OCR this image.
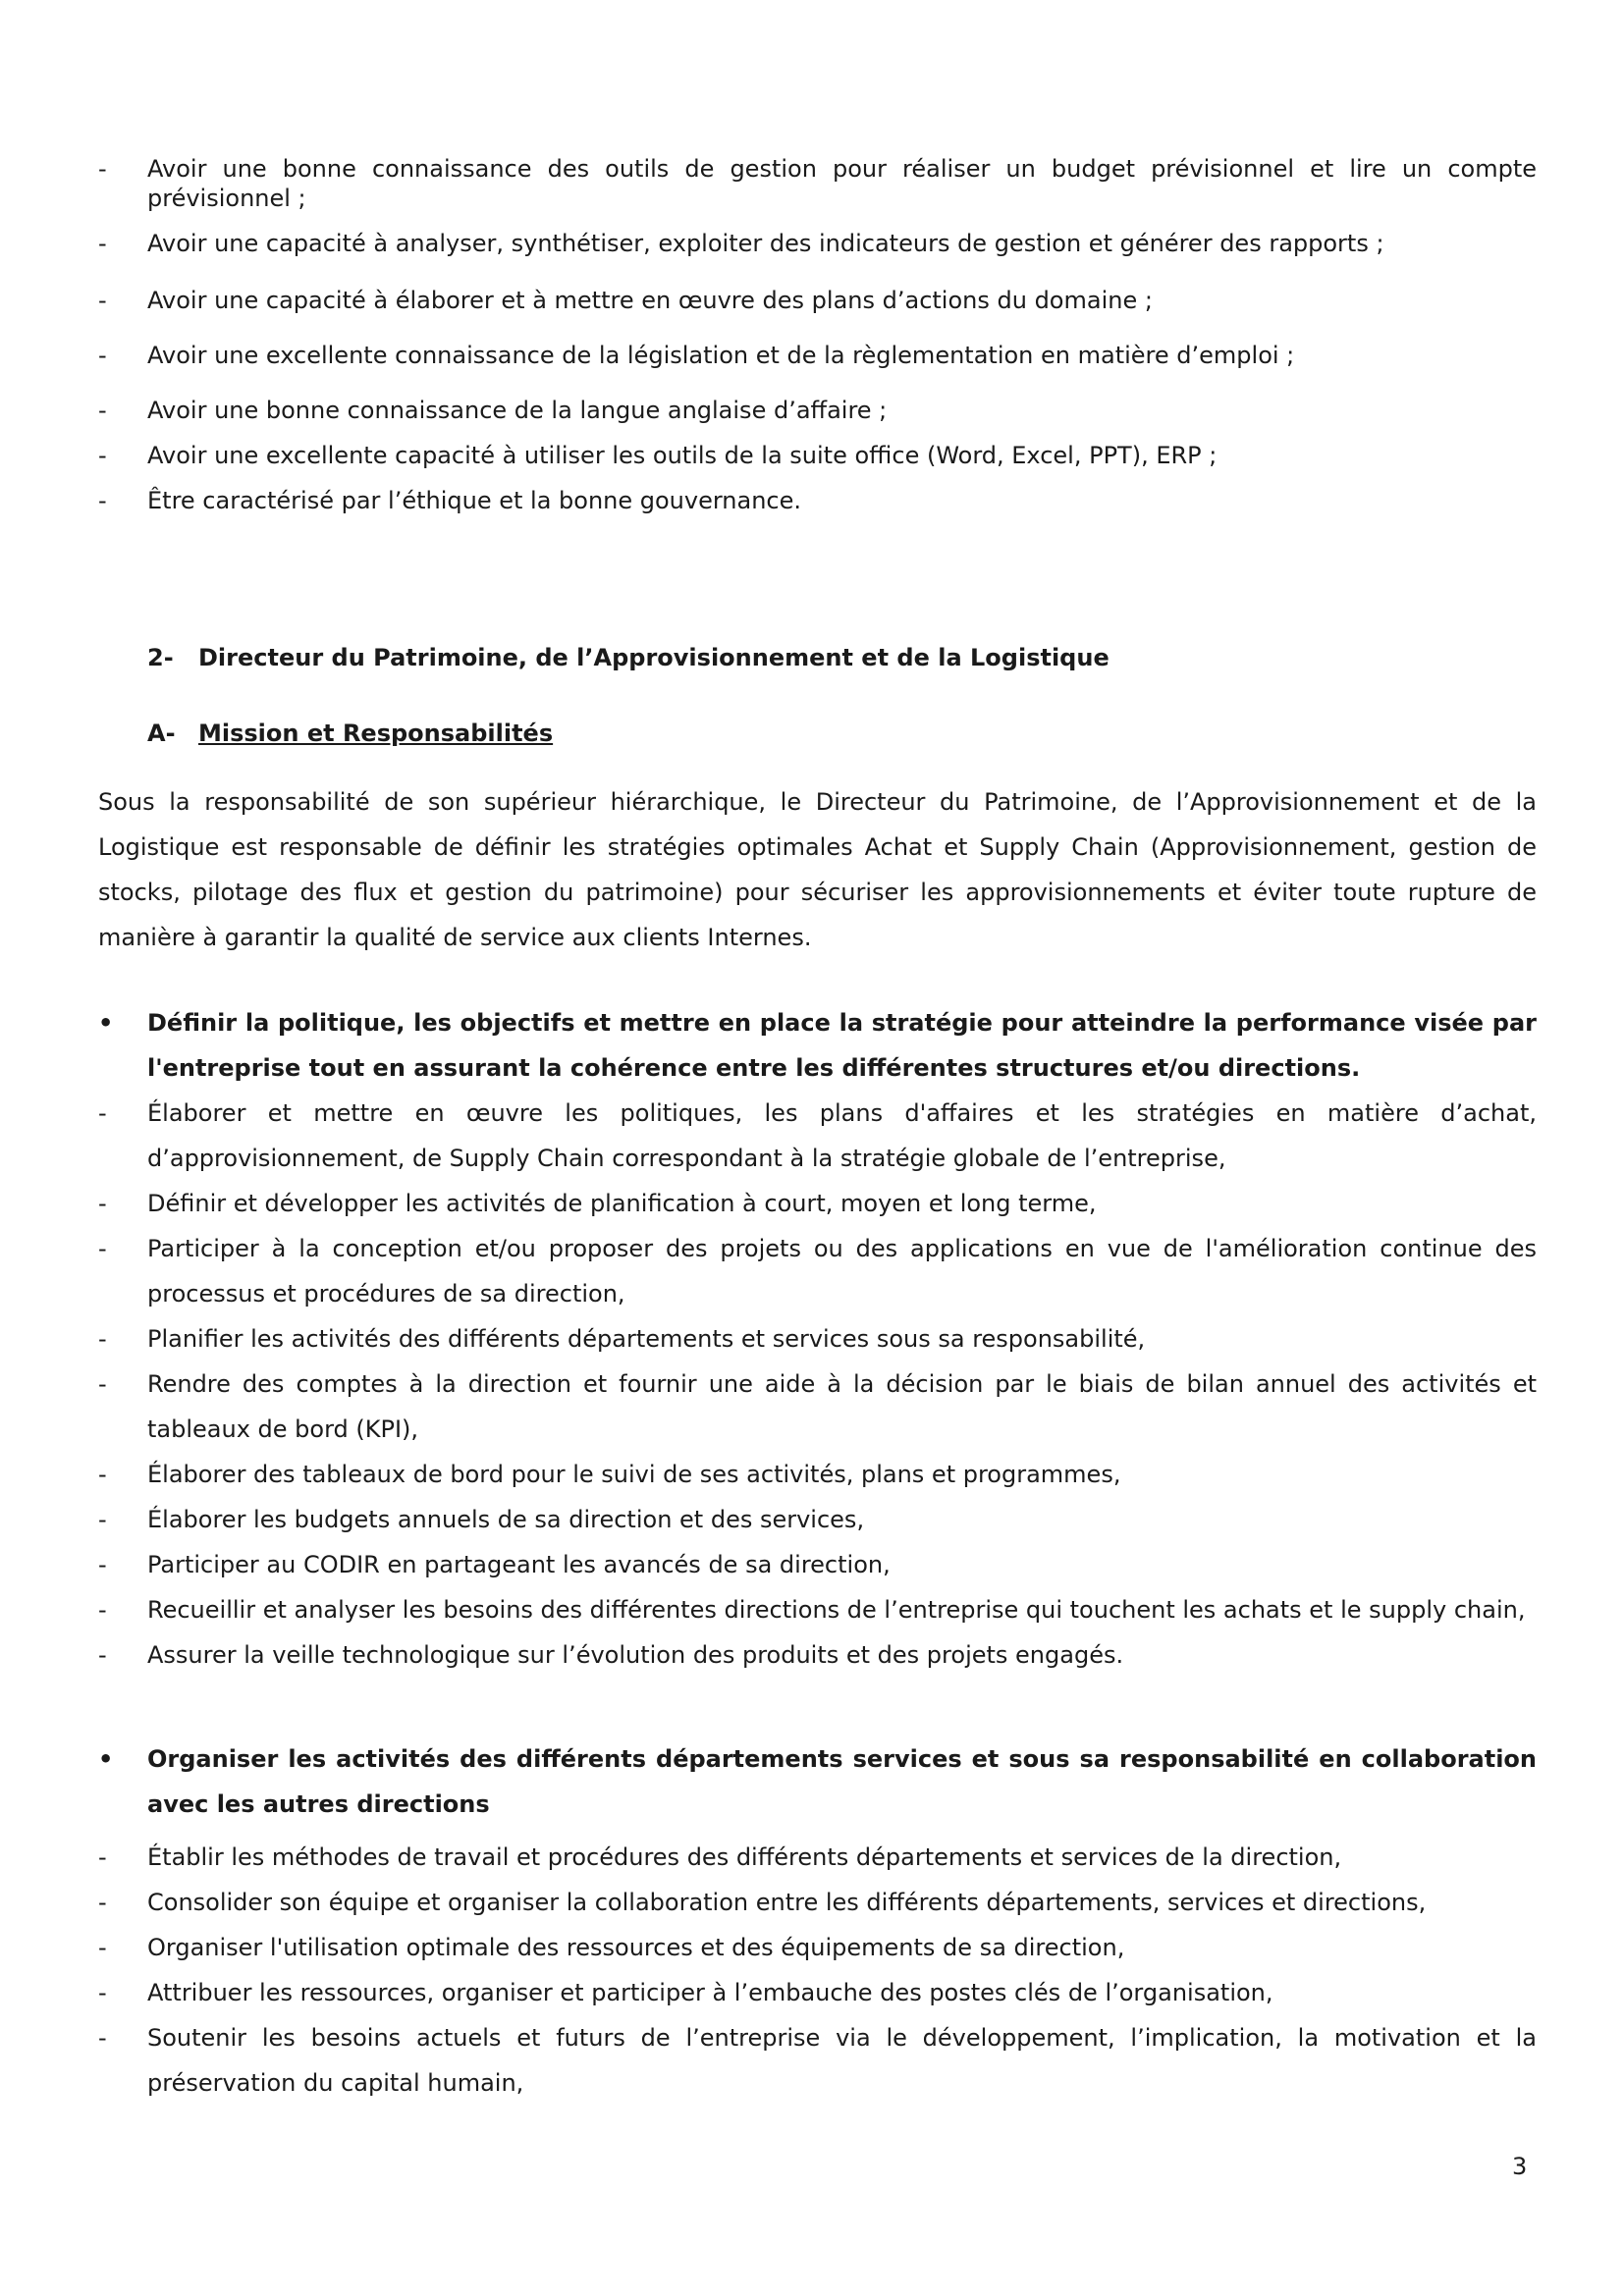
- Avoir une bonne connaissance des outils de gestion pour réaliser un budget prévisionnel et lire un compte prévisionnel ;
- Avoir une capacité à analyser, synthétiser, exploiter des indicateurs de gestion et générer des rapports ;
- Avoir une capacité à élaborer et à mettre en œuvre des plans d’actions du domaine ;
- Avoir une excellente connaissance de la législation et de la règlementation en matière d’emploi ;
- Avoir une bonne connaissance de la langue anglaise d’affaire ;
- Avoir une excellente capacité à utiliser les outils de la suite office (Word, Excel, PPT), ERP ;
- Être caractérisé par l’éthique et la bonne gouvernance.
2- Directeur du Patrimoine, de l’Approvisionnement et de la Logistique
A- Mission et Responsabilités
Sous la responsabilité de son supérieur hiérarchique, le Directeur du Patrimoine, de l’Approvisionnement et de la Logistique est responsable de définir les stratégies optimales Achat et Supply Chain (Approvisionnement, gestion de stocks, pilotage des flux et gestion du patrimoine) pour sécuriser les approvisionnements et éviter toute rupture de manière à garantir la qualité de service aux clients Internes.
• Définir la politique, les objectifs et mettre en place la stratégie pour atteindre la performance visée par l'entreprise tout en assurant la cohérence entre les différentes structures et/ou directions.
- Élaborer et mettre en œuvre les politiques, les plans d'affaires et les stratégies en matière d’achat, d’approvisionnement, de Supply Chain correspondant à la stratégie globale de l’entreprise,
- Définir et développer les activités de planification à court, moyen et long terme,
- Participer à la conception et/ou proposer des projets ou des applications en vue de l'amélioration continue des processus et procédures de sa direction,
- Planifier les activités des différents départements et services sous sa responsabilité,
- Rendre des comptes à la direction et fournir une aide à la décision par le biais de bilan annuel des activités et tableaux de bord (KPI),
- Élaborer des tableaux de bord pour le suivi de ses activités, plans et programmes,
- Élaborer les budgets annuels de sa direction et des services,
- Participer au CODIR en partageant les avancés de sa direction,
- Recueillir et analyser les besoins des différentes directions de l’entreprise qui touchent les achats et le supply chain,
- Assurer la veille technologique sur l’évolution des produits et des projets engagés.
• Organiser les activités des différents départements services et sous sa responsabilité en collaboration avec les autres directions
- Établir les méthodes de travail et procédures des différents départements et services de la direction,
- Consolider son équipe et organiser la collaboration entre les différents départements, services et directions,
- Organiser l'utilisation optimale des ressources et des équipements de sa direction,
- Attribuer les ressources, organiser et participer à l’embauche des postes clés de l’organisation,
- Soutenir les besoins actuels et futurs de l’entreprise via le développement, l’implication, la motivation et la préservation du capital humain,
3
